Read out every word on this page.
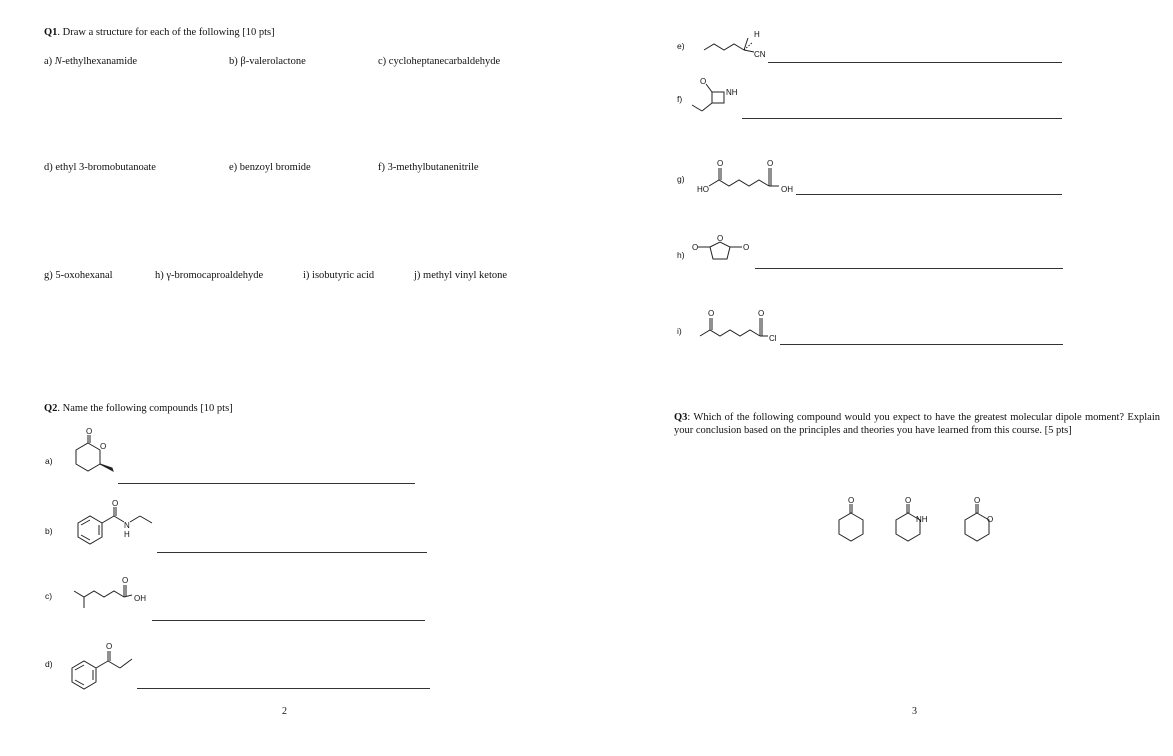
Q1. Draw a structure for each of the following [10 pts]
a) N-ethylhexanamide	b) β-valerolactone	c) cycloheptanecarbaldehyde
d) ethyl 3-bromobutanoate	e) benzoyl bromide	f) 3-methylbutanenitrile
g) 5-oxohexanal	h) γ-bromocaproaldehyde	i) isobutyric acid	j) methyl vinyl ketone
Q2. Name the following compounds [10 pts]
a)
O
O
b)
O
N
H
c)
O
OH
d)
O
2
e)
H
CN
f)
O
NH
g)
HO
O	O
OH
h)
O
O
O
i)
O	O
Cl
Q3: Which of the following compound would you expect to have the greatest molecular dipole moment? Explain your conclusion based on the principles and theories you have learned from this course. [5 pts]
O	O
NH
O
O
3
